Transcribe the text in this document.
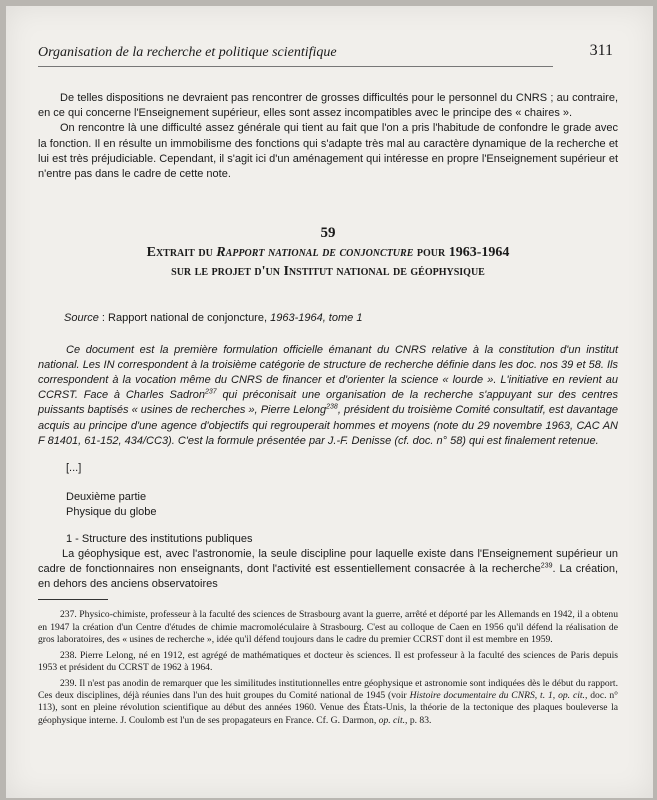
Organisation de la recherche et politique scientifique	311

De telles dispositions ne devraient pas rencontrer de grosses difficultés pour le personnel du CNRS ; au contraire, en ce qui concerne l'Enseignement supérieur, elles sont assez incompatibles avec le principe des « chaires ».

On rencontre là une difficulté assez générale qui tient au fait que l'on a pris l'habitude de confondre le grade avec la fonction. Il en résulte un immobilisme des fonctions qui s'adapte très mal au caractère dynamique de la recherche et lui est très préjudiciable. Cependant, il s'agit ici d'un aménagement qui intéresse en propre l'Enseignement supérieur et n'entre pas dans le cadre de cette note.

59
Extrait du Rapport national de conjoncture pour 1963-1964
sur le projet d'un Institut national de géophysique
Source : Rapport national de conjoncture, 1963-1964, tome 1

Ce document est la première formulation officielle émanant du CNRS relative à la constitution d'un institut national. Les IN correspondent à la troisième catégorie de structure de recherche définie dans les doc. nos 39 et 58. Ils correspondent à la vocation même du CNRS de financer et d'orienter la science « lourde ». L'initiative en revient au CCRST. Face à Charles Sadron$^{237}$ qui préconisait une organisation de la recherche s'appuyant sur des centres puissants baptisés « usines de recherches », Pierre Lelong$^{238}$, président du troisième Comité consultatif, est davantage acquis au principe d'une agence d'objectifs qui regrouperait hommes et moyens (note du 29 novembre 1963, CAC AN F 81401, 61-152, 434/CC3). C'est la formule présentée par J.-F. Denisse (cf. doc. n° 58) qui est finalement retenue.

[...]
Deuxième partie
Physique du globe
1 - Structure des institutions publiques

La géophysique est, avec l'astronomie, la seule discipline pour laquelle existe dans l'Enseignement supérieur un cadre de fonctionnaires non enseignants, dont l'activité est essentiellement consacrée à la recherche$^{239}$. La création, en dehors des anciens observatoires

237. Physico-chimiste, professeur à la faculté des sciences de Strasbourg avant la guerre, arrêté et déporté par les Allemands en 1942, il a obtenu en 1947 la création d'un Centre d'études de chimie macromoléculaire à Strasbourg. C'est au colloque de Caen en 1956 qu'il défend la réalisation de gros laboratoires, des « usines de recherche », idée qu'il défend toujours dans le cadre du premier CCRST dont il est membre en 1959.

238. Pierre Lelong, né en 1912, est agrégé de mathématiques et docteur ès sciences. Il est professeur à la faculté des sciences de Paris depuis 1953 et président du CCRST de 1962 à 1964.

239. Il n'est pas anodin de remarquer que les similitudes institutionnelles entre géophysique et astronomie sont indiquées dès le début du rapport. Ces deux disciplines, déjà réunies dans l'un des huit groupes du Comité national de 1945 (voir Histoire documentaire du CNRS, t. 1, op. cit., doc. n° 113), sont en pleine révolution scientifique au début des années 1960. Venue des États-Unis, la théorie de la tectonique des plaques bouleverse la géophysique interne. J. Coulomb est l'un de ses propagateurs en France. Cf. G. Darmon, op. cit., p. 83.
